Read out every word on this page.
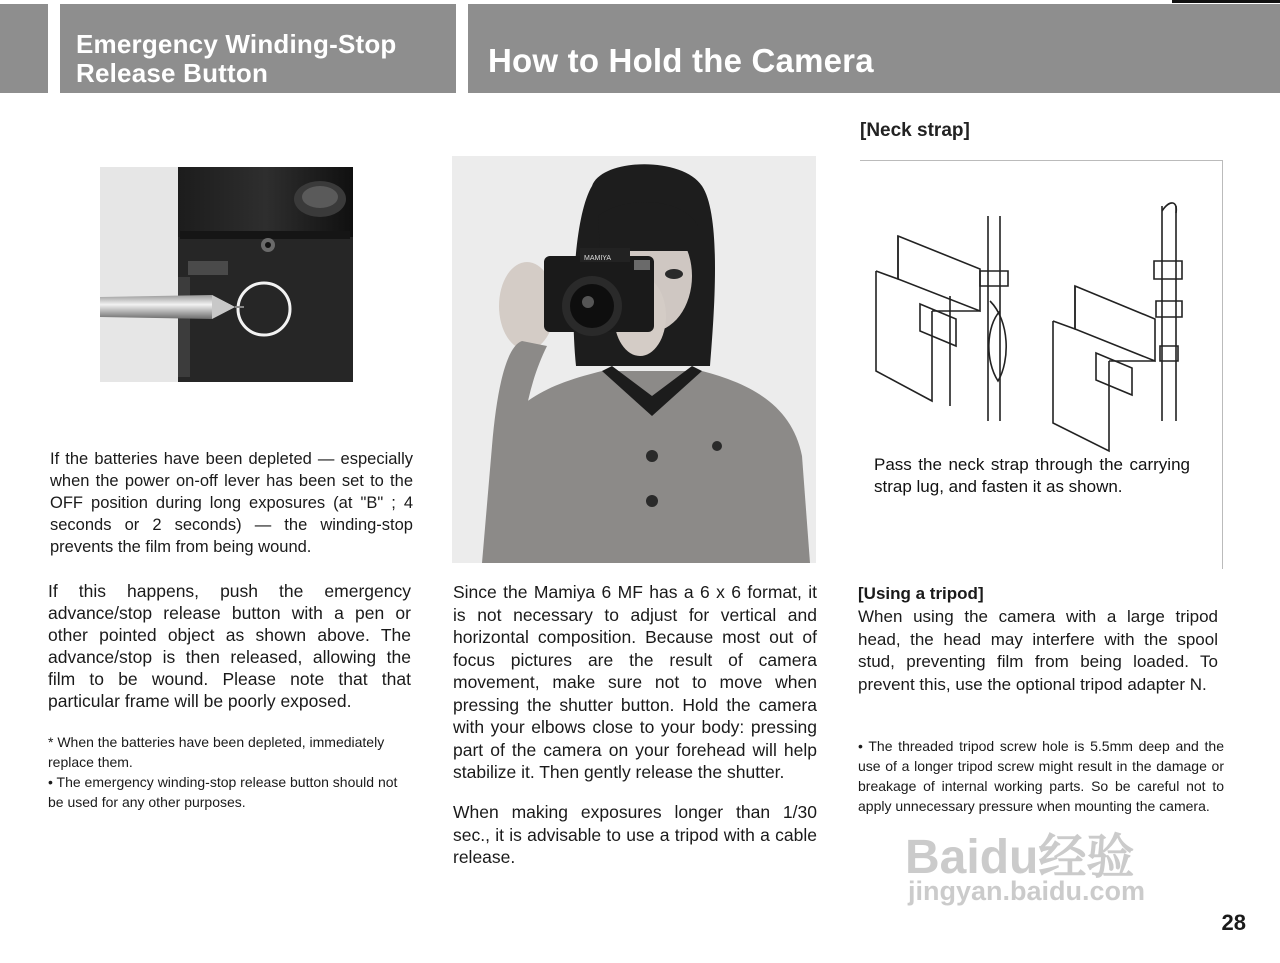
Emergency Winding-Stop
Release Button	How to Hold the Camera

If the batteries have been depleted — especially when the power on-off lever has been set to the OFF position during long exposures (at "B" ; 4 seconds or 2 seconds) — the winding-stop prevents the film from being wound.

If this happens, push the emergency advance/stop release button with a pen or other pointed object as shown above. The advance/stop is then released, allowing the film to be wound. Please note that that particular frame will be poorly exposed.

* When the batteries have been depleted, immediately replace them.

• The emergency winding-stop release button should not be used for any other purposes.

MAMIYA

Since the Mamiya 6 MF has a 6 x 6 format, it is not necessary to adjust for vertical and horizontal composition. Because most out of focus pictures are the result of camera movement, make sure not to move when pressing the shutter button. Hold the camera with your elbows close to your body: pressing part of the camera on your forehead will help stabilize it. Then gently release the shutter.

When making exposures longer than 1/30 sec., it is advisable to use a tripod with a cable release.

[Neck strap]

Pass the neck strap through the carrying strap lug, and fasten it as shown.

[Using a tripod]

When using the camera with a large tripod head, the head may interfere with the spool stud, preventing film from being loaded. To prevent this, use the optional tripod adapter N.

• The threaded tripod screw hole is 5.5mm deep and the use of a longer tripod screw might result in the damage or breakage of internal working parts. So be careful not to apply unnecessary pressure when mounting the camera.

Baidu经验
jingyan.baidu.com
28
